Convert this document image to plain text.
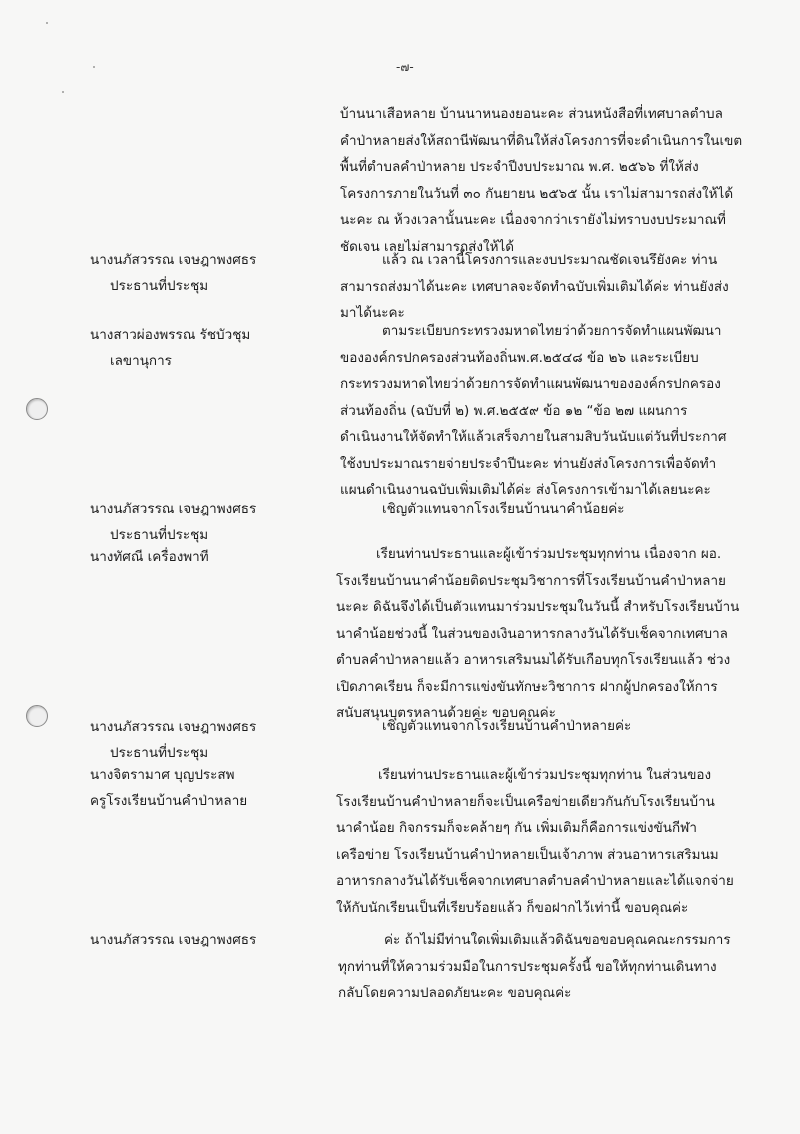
-๗-
บ้านนาเสือหลาย บ้านนาหนองยอนะคะ ส่วนหนังสือที่เทศบาลตำบล
คำป่าหลายส่งให้สถานีพัฒนาที่ดินให้ส่งโครงการที่จะดำเนินการในเขต
พื้นที่ตำบลคำป่าหลาย ประจำปีงบประมาณ พ.ศ. ๒๕๖๖ ที่ให้ส่ง
โครงการภายในวันที่ ๓๐ กันยายน ๒๕๖๕ นั้น เราไม่สามารถส่งให้ได้
นะคะ ณ ห้วงเวลานั้นนะคะ เนื่องจากว่าเรายังไม่ทราบงบประมาณที่
ชัดเจน เลยไม่สามารถส่งให้ได้
นางนภัสวรรณ เจษฎาพงศธร
ประธานที่ประชุม
แล้ว ณ เวลานี้โครงการและงบประมาณชัดเจนรึยังคะ ท่าน
สามารถส่งมาได้นะคะ เทศบาลจะจัดทำฉบับเพิ่มเติมได้ค่ะ ท่านยังส่ง
มาได้นะคะ
นางสาวผ่องพรรณ รัชบัวชุม
เลขานุการ
ตามระเบียบกระทรวงมหาดไทยว่าด้วยการจัดทำแผนพัฒนา
ขององค์กรปกครองส่วนท้องถิ่นพ.ศ.๒๕๔๘ ข้อ ๒๖ และระเบียบ
กระทรวงมหาดไทยว่าด้วยการจัดทำแผนพัฒนาขององค์กรปกครอง
ส่วนท้องถิ่น (ฉบับที่ ๒) พ.ศ.๒๕๕๙ ข้อ ๑๒ “ข้อ ๒๗ แผนการ
ดำเนินงานให้จัดทำให้แล้วเสร็จภายในสามสิบวันนับแต่วันที่ประกาศ
ใช้งบประมาณรายจ่ายประจำปีนะคะ ท่านยังส่งโครงการเพื่อจัดทำ
แผนดำเนินงานฉบับเพิ่มเติมได้ค่ะ ส่งโครงการเข้ามาได้เลยนะคะ
นางนภัสวรรณ เจษฎาพงศธร
ประธานที่ประชุม
เชิญตัวแทนจากโรงเรียนบ้านนาคำน้อยค่ะ
นางทัศณี เครื่องพาที	เรียนท่านประธานและผู้เข้าร่วมประชุมทุกท่าน เนื่องจาก ผอ.
โรงเรียนบ้านนาคำน้อยติดประชุมวิชาการที่โรงเรียนบ้านคำป่าหลาย
นะคะ ดิฉันจึงได้เป็นตัวแทนมาร่วมประชุมในวันนี้ สำหรับโรงเรียนบ้าน
นาคำน้อยช่วงนี้ ในส่วนของเงินอาหารกลางวันได้รับเช็คจากเทศบาล
ตำบลคำป่าหลายแล้ว อาหารเสริมนมได้รับเกือบทุกโรงเรียนแล้ว ช่วง
เปิดภาคเรียน ก็จะมีการแข่งขันทักษะวิชาการ ฝากผู้ปกครองให้การ
สนับสนุนบุตรหลานด้วยค่ะ ขอบคุณค่ะ
นางนภัสวรรณ เจษฎาพงศธร
ประธานที่ประชุม
เชิญตัวแทนจากโรงเรียนบ้านคำป่าหลายค่ะ
นางจิตรามาศ บุญประสพ
ครูโรงเรียนบ้านคำป่าหลาย
เรียนท่านประธานและผู้เข้าร่วมประชุมทุกท่าน ในส่วนของ
โรงเรียนบ้านคำป่าหลายก็จะเป็นเครือข่ายเดียวกันกับโรงเรียนบ้าน
นาคำน้อย กิจกรรมก็จะคล้ายๆ กัน เพิ่มเติมก็คือการแข่งขันกีฬา
เครือข่าย โรงเรียนบ้านคำป่าหลายเป็นเจ้าภาพ ส่วนอาหารเสริมนม
อาหารกลางวันได้รับเช็คจากเทศบาลตำบลคำป่าหลายและได้แจกจ่าย
ให้กับนักเรียนเป็นที่เรียบร้อยแล้ว ก็ขอฝากไว้เท่านี้ ขอบคุณค่ะ
นางนภัสวรรณ เจษฎาพงศธร	ค่ะ ถ้าไม่มีท่านใดเพิ่มเติมแล้วดิฉันขอขอบคุณคณะกรรมการ
ทุกท่านที่ให้ความร่วมมือในการประชุมครั้งนี้ ขอให้ทุกท่านเดินทาง
กลับโดยความปลอดภัยนะคะ ขอบคุณค่ะ
